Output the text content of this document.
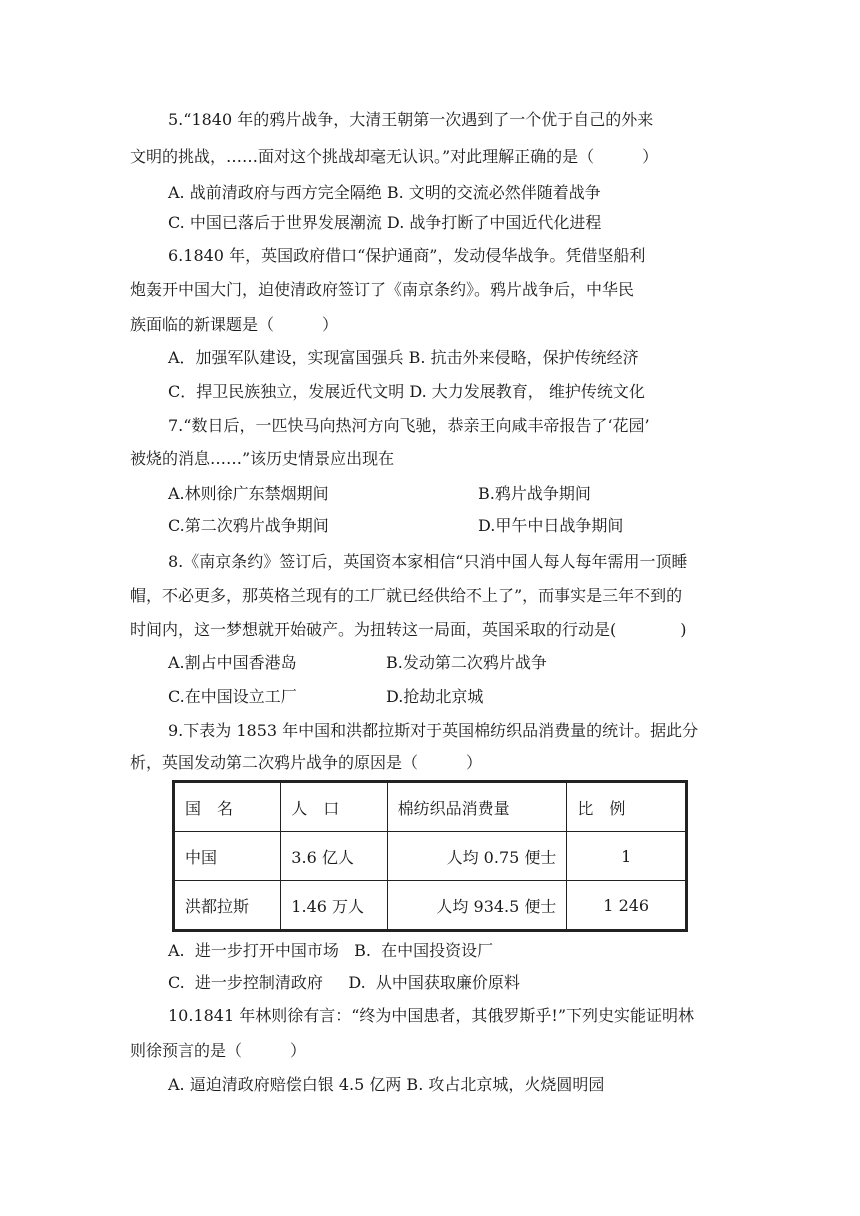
5.“1840 年的鸦片战争，大清王朝第一次遇到了一个优于自己的外来
文明的挑战，……面对这个挑战却毫无认识。”对此理解正确的是（　　　）
A. 战前清政府与西方完全隔绝 B. 文明的交流必然伴随着战争
C. 中国已落后于世界发展潮流 D. 战争打断了中国近代化进程
6.1840 年，英国政府借口“保护通商”，发动侵华战争。凭借坚船利
炮轰开中国大门，迫使清政府签订了《南京条约》。鸦片战争后，中华民
族面临的新课题是（　　　）
A．加强军队建设，实现富国强兵 B. 抗击外来侵略，保护传统经济
C．捍卫民族独立，发展近代文明 D. 大力发展教育， 维护传统文化
7.“数日后，一匹快马向热河方向飞驰，恭亲王向咸丰帝报告了‘花园’
被烧的消息……”该历史情景应出现在
A.林则徐广东禁烟期间	B.鸦片战争期间
C.第二次鸦片战争期间	D.甲午中日战争期间
8.《南京条约》签订后，英国资本家相信“只消中国人每人每年需用一顶睡
帽，不必更多，那英格兰现有的工厂就已经供给不上了”，而事实是三年不到的
时间内，这一梦想就开始破产。为扭转这一局面，英国采取的行动是(　　　　)
A.割占中国香港岛	B.发动第二次鸦片战争
C.在中国设立工厂	D.抢劫北京城
9.下表为 1853 年中国和洪都拉斯对于英国棉纺织品消费量的统计。据此分
析，英国发动第二次鸦片战争的原因是（　　　）
国　名	人　口	棉纺织品消费量	比　例
中国	3.6 亿人	人均 0.75 便士	1
洪都拉斯	1.46 万人	人均 934.5 便士	1 246
A.  进一步打开中国市场   B.  在中国投资设厂
C.  进一步控制清政府     D.  从中国获取廉价原料
10.1841 年林则徐有言：“终为中国患者，其俄罗斯乎!”下列史实能证明林
则徐预言的是（　　　）
A. 逼迫清政府赔偿白银 4.5 亿两 B. 攻占北京城，火烧圆明园
